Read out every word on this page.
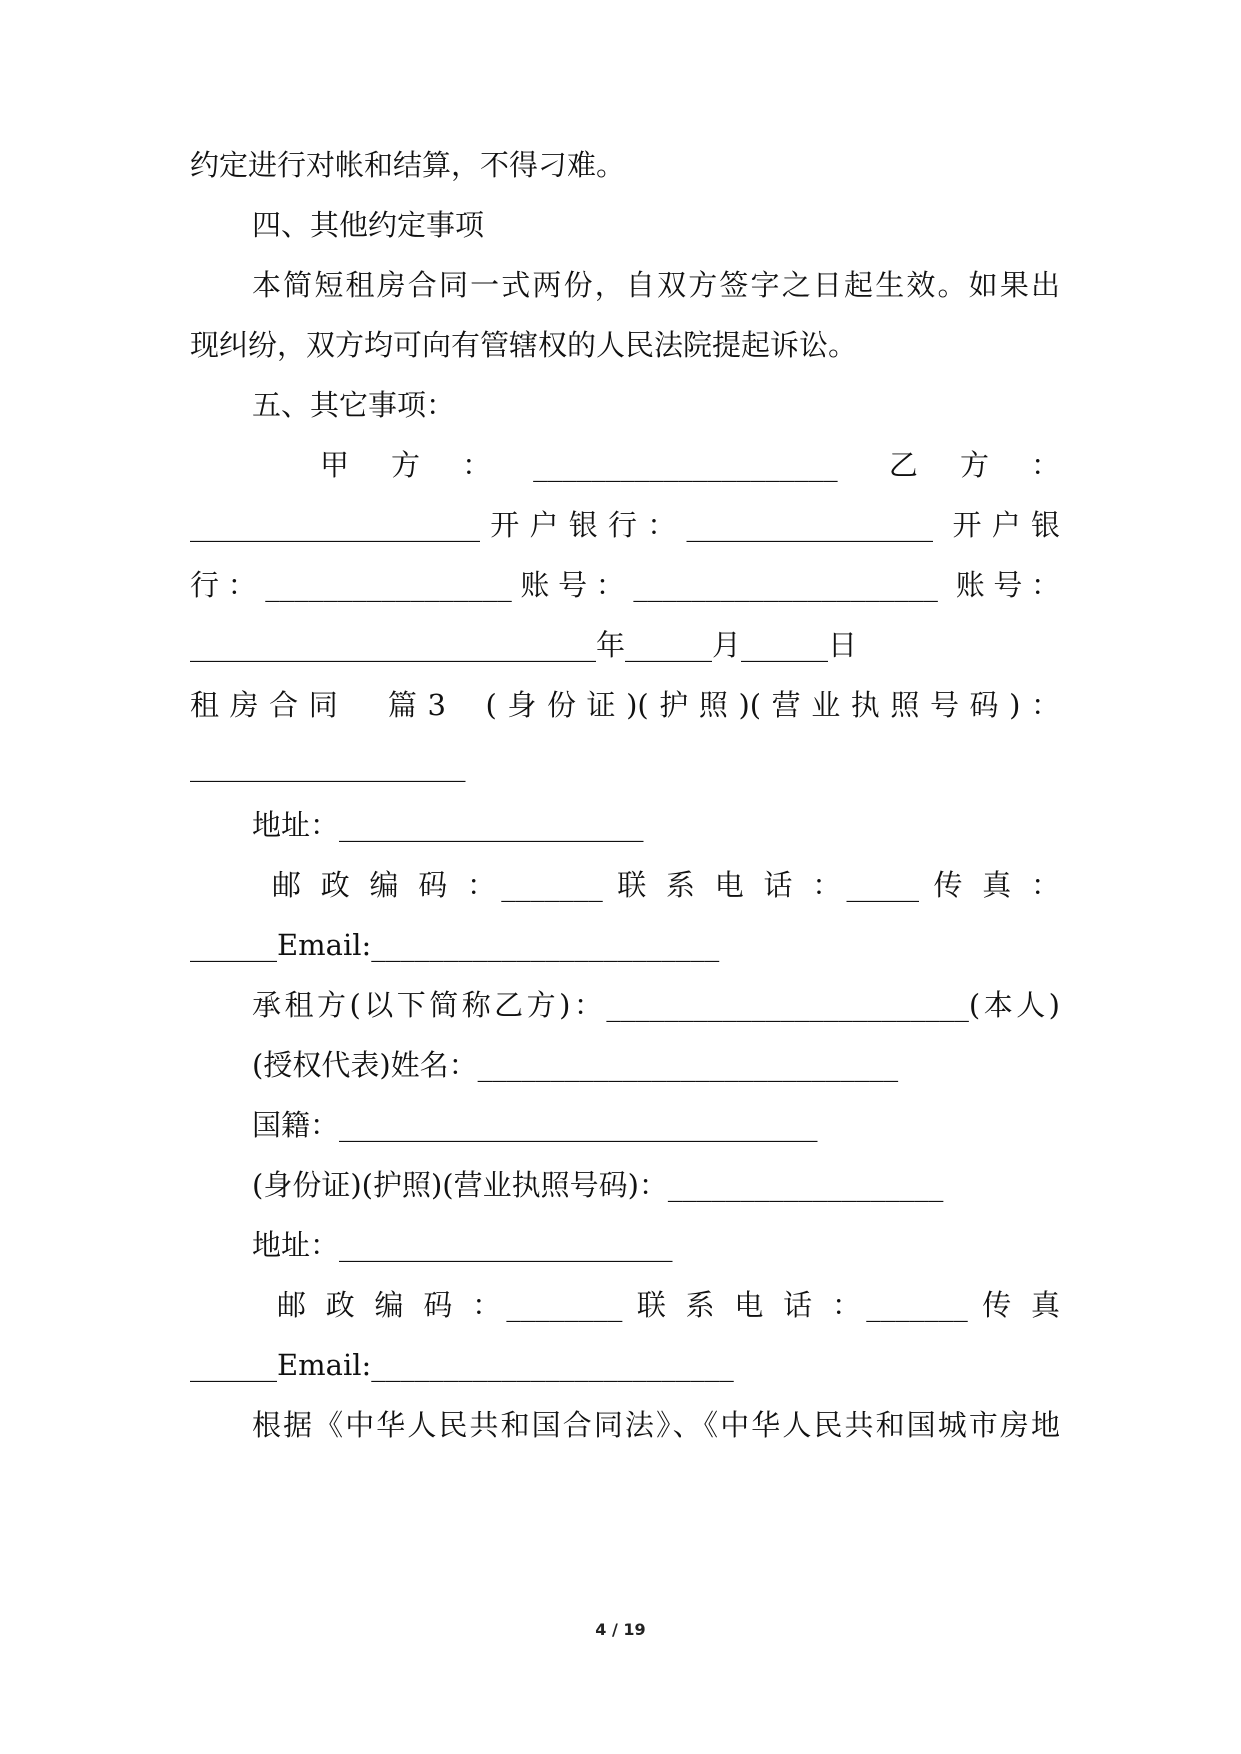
约定进行对帐和结算，不得刁难。
四、其他约定事项
本简短租房合同一式两份，自双方签字之日起生效。如果出
现纠纷，双方均可向有管辖权的人民法院提起诉讼。
五、其它事项：
甲  方  ：  _____________________   乙  方  ：
____________________开户银行：_________________ 开户银
行：_________________账号：_____________________ 账号：
____________________________年______月______日
租房合同  篇3  (身份证)(护照)(营业执照号码)：
___________________
地址：_____________________
邮 政 编 码 ：_______ 联 系 电 话 ：_____ 传 真 ：
______Email:________________________
承租方(以下简称乙方)：_________________________(本人)
(授权代表)姓名：_____________________________
国籍：_________________________________
(身份证)(护照)(营业执照号码)：___________________
地址：_______________________
邮 政 编 码 ：________ 联 系 电 话 ：_______ 传 真
______Email:_________________________
根据《中华人民共和国合同法》、《中华人民共和国城市房地
4 / 19
